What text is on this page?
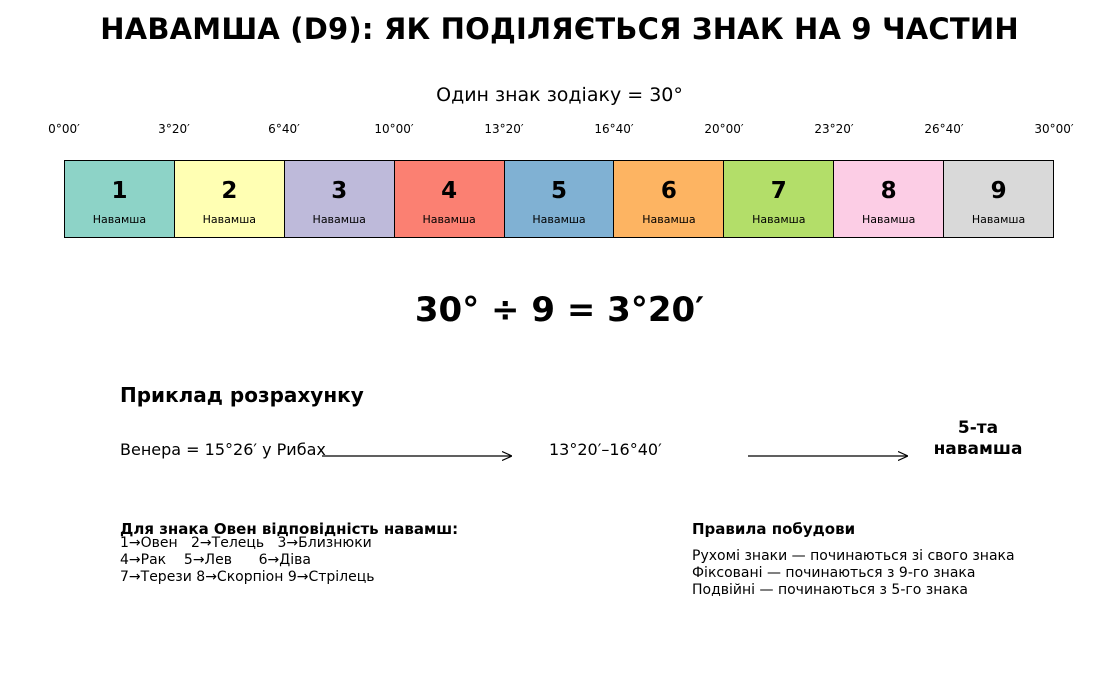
НАВАМША (D9): ЯК ПОДІЛЯЄТЬСЯ ЗНАК НА 9 ЧАСТИН
Один знак зодіаку = 30°
0°00′	3°20′	6°40′	10°00′	13°20′	16°40′	20°00′	23°20′	26°40′	30°00′
1
Навамша
2
Навамша
3
Навамша
4
Навамша
5
Навамша
6
Навамша
7
Навамша
8
Навамша
9
Навамша
30° ÷ 9 = 3°20′
Приклад розрахунку
Венера = 15°26′ у Рибах	13°20′–16°40′
5-та
навамша
Для знака Овен відповідність навамш:
1→Овен   2→Телець   3→Близнюки
4→Рак    5→Лев      6→Діва
7→Терези 8→Скорпіон 9→Стрілець
Правила побудови
Рухомі знаки — починаються зі свого знака
Фіксовані — починаються з 9-го знака
Подвійні — починаються з 5-го знака
